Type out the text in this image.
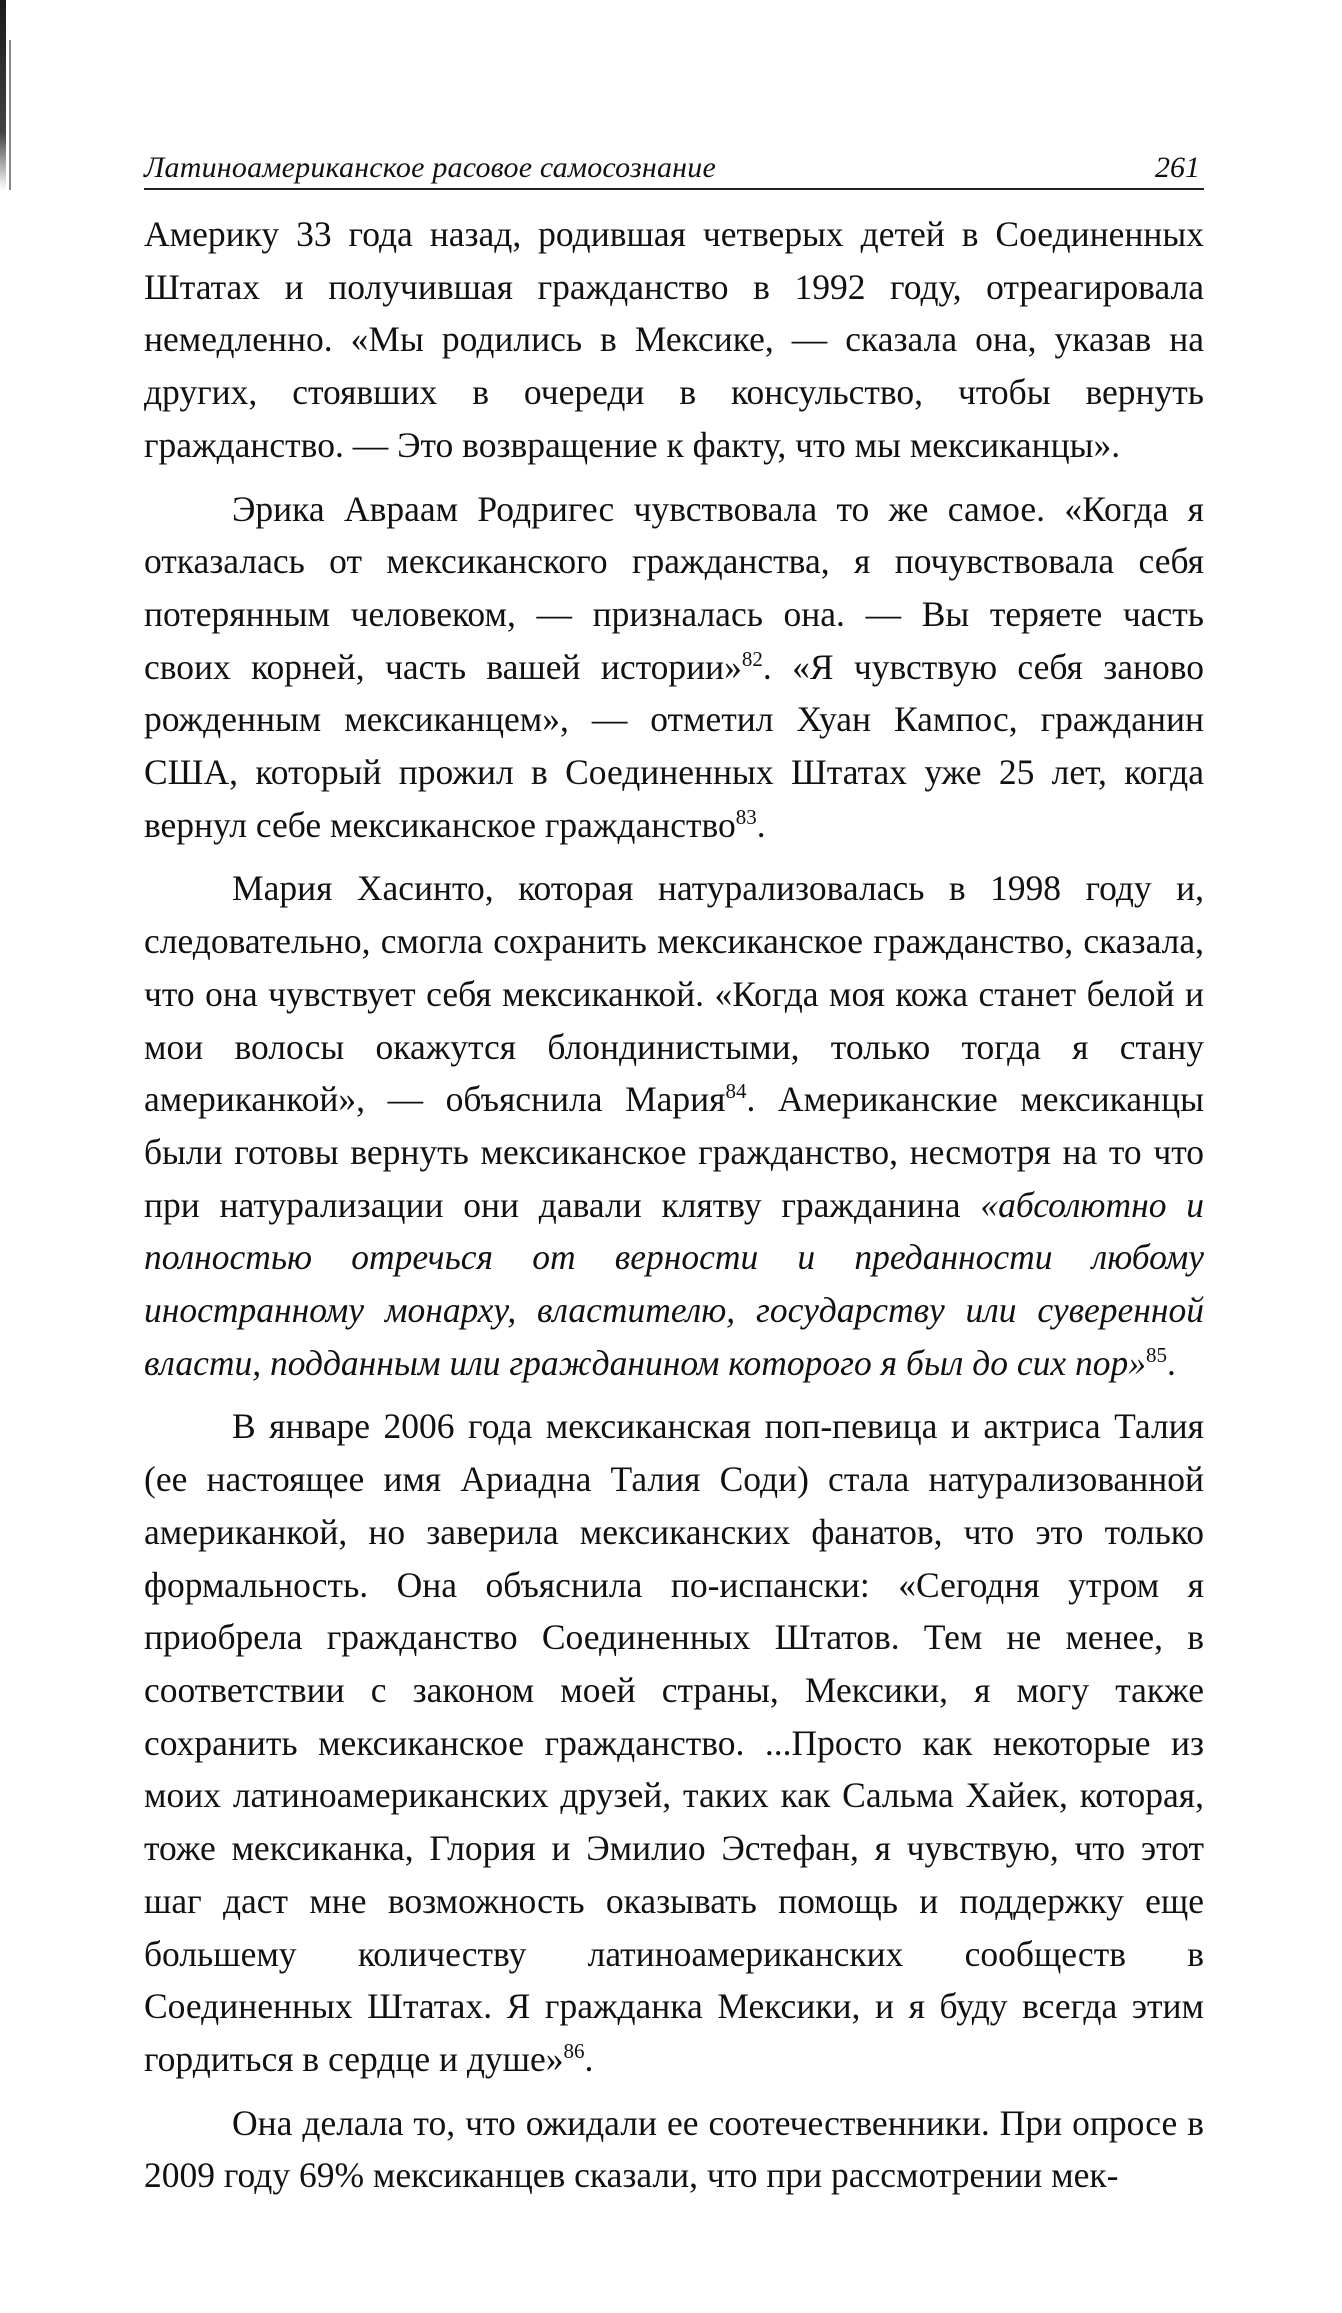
Латиноамериканское расовое самосознание	261

Америку 33 года назад, родившая четверых детей в Соединенных Штатах и получившая гражданство в 1992 году, отреагировала немедленно. «Мы родились в Мексике, — сказала она, указав на других, стоявших в очереди в консульство, чтобы вернуть гражданство. — Это возвращение к факту, что мы мексиканцы».

Эрика Авраам Родригес чувствовала то же самое. «Когда я отказалась от мексиканского гражданства, я почувствовала себя потерянным человеком, — призналась она. — Вы теряете часть своих корней, часть вашей истории»$^{82}$. «Я чувствую себя заново рожденным мексиканцем», — отметил Хуан Кампос, гражданин США, который прожил в Соединенных Штатах уже 25 лет, когда вернул себе мексиканское гражданство$^{83}$.

Мария Хасинто, которая натурализовалась в 1998 году и, следовательно, смогла сохранить мексиканское гражданство, сказала, что она чувствует себя мексиканкой. «Когда моя кожа станет белой и мои волосы окажутся блондинистыми, только тогда я стану американкой», — объяснила Мария$^{84}$. Американские мексиканцы были готовы вернуть мексиканское гражданство, несмотря на то что при натурализации они давали клятву гражданина «абсолютно и полностью отречься от верности и преданности любому иностранному монарху, властителю, государству или суверенной власти, подданным или гражданином которого я был до сих пор»$^{85}$.

В январе 2006 года мексиканская поп-певица и актриса Талия (ее настоящее имя Ариадна Талия Соди) стала натурализованной американкой, но заверила мексиканских фанатов, что это только формальность. Она объяснила по-испански: «Сегодня утром я приобрела гражданство Соединенных Штатов. Тем не менее, в соответствии с законом моей страны, Мексики, я могу также сохранить мексиканское гражданство. ...Просто как некоторые из моих латиноамериканских друзей, таких как Сальма Хайек, которая, тоже мексиканка, Глория и Эмилио Эстефан, я чувствую, что этот шаг даст мне возможность оказывать помощь и поддержку еще большему количеству латиноамериканских сообществ в Соединенных Штатах. Я гражданка Мексики, и я буду всегда этим гордиться в сердце и душе»$^{86}$.

Она делала то, что ожидали ее соотечественники. При опросе в 2009 году 69% мексиканцев сказали, что при рассмотрении мек-
